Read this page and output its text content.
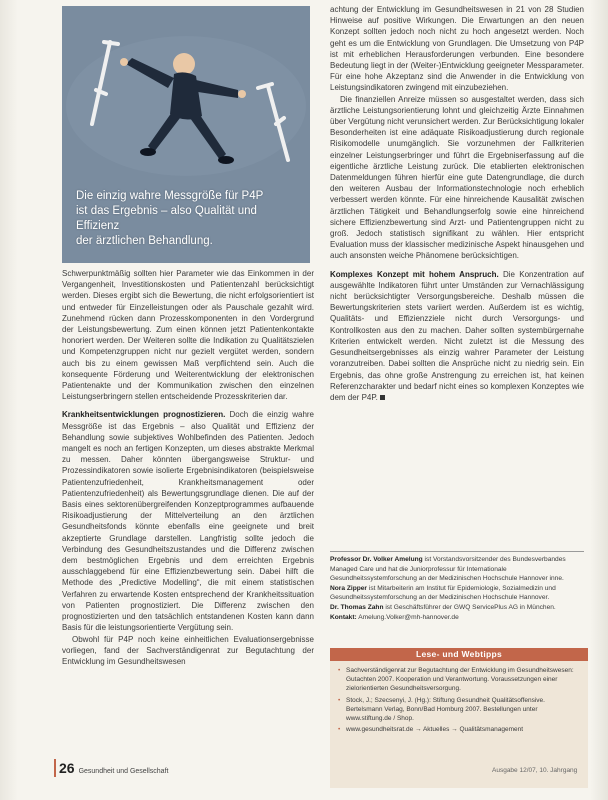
Die einzig wahre Messgröße für P4P
ist das Ergebnis – also Qualität und Effizienz
der ärztlichen Behandlung.

Schwerpunktmäßig sollten hier Parameter wie das Einkommen in der Vergangenheit, Investitionskosten und Patientenzahl berücksichtigt werden. Dieses ergibt sich die Bewertung, die nicht erfolgsorientiert ist und entweder für Einzelleistungen oder als Pauschale gezahlt wird. Zunehmend rücken dann Prozesskomponenten in den Vordergrund der Leistungsbewertung. Zum einen können jetzt Patientenkontakte honoriert werden. Der Weiteren sollte die Indikation zu Qualitätszielen und Kompetenzgruppen nicht nur gezielt vergütet werden, sondern auch bis zu einem gewissen Maß verpflichtend sein. Auch die konsequente Förderung und Weiterentwicklung der elektronischen Patientenakte und der Kommunikation zwischen den einzelnen Leistungserbringern stellen entscheidende Prozesskriterien dar.

Krankheitsentwicklungen prognostizieren. Doch die einzig wahre Messgröße ist das Ergebnis – also Qualität und Effizienz der Behandlung sowie subjektives Wohlbefinden des Patienten. Jedoch mangelt es noch an fertigen Konzepten, um dieses abstrakte Merkmal zu messen. Daher könnten übergangsweise Struktur- und Prozessindikatoren sowie isolierte Ergebnisindikatoren (beispielsweise Patientenzufriedenheit, Krankheitsmanagement oder Patientenzufriedenheit) als Bewertungsgrundlage dienen. Die auf der Basis eines sektorenübergreifenden Konzeptprogrammes aufbauende Risikoadjustierung der Mittelverteilung an den ärztlichen Gesundheitsfonds könnte ebenfalls eine geeignete und breit akzeptierte Grundlage darstellen. Langfristig sollte jedoch die Verbindung des Gesundheitszustandes und die Differenz zwischen dem bestmöglichen Ergebnis und dem erreichten Ergebnis ausschlaggebend für eine Effizienzbewertung sein. Dabei hilft die Methode des „Predictive Modelling“, die mit einem statistischen Verfahren zu erwartende Kosten entsprechend der Krankheitssituation von Patienten prognostiziert. Die Differenz zwischen den prognostizierten und den tatsächlich entstandenen Kosten kann dann Basis für die leistungsorientierte Vergütung sein.

Obwohl für P4P noch keine einheitlichen Evaluationsergebnisse vorliegen, fand der Sachverständigenrat zur Begutachtung der Entwicklung im Gesundheitswesen

achtung der Entwicklung im Gesundheitswesen in 21 von 28 Studien Hinweise auf positive Wirkungen. Die Erwartungen an den neuen Konzept sollten jedoch noch nicht zu hoch angesetzt werden. Noch geht es um die Entwicklung von Grundlagen. Die Umsetzung von P4P ist mit erheblichen Herausforderungen verbunden. Eine besondere Bedeutung liegt in der (Weiter-)Entwicklung geeigneter Messparameter. Für eine hohe Akzeptanz sind die Anwender in die Entwicklung von Leistungsindikatoren zwingend mit einzubeziehen.

Die finanziellen Anreize müssen so ausgestaltet werden, dass sich ärztliche Leistungsorientierung lohnt und gleichzeitig Ärzte Einnahmen über Vergütung nicht verunsichert werden. Zur Berücksichtigung lokaler Besonderheiten ist eine adäquate Risikoadjustierung durch regionale Risikomodelle unumgänglich. Sie vorzunehmen der Fallkriterien einzelner Leistungserbringer und führt die Ergebniserfassung auf die eigentliche ärztliche Leistung zurück. Die etablierten elektronischen Datenmeldungen führen hierfür eine gute Datengrundlage, die durch den weiteren Ausbau der Informationstechnologie noch erheblich verbessert werden könnte. Für eine hinreichende Kausalität zwischen ärztlichen Tätigkeit und Behandlungserfolg sowie eine hinreichend sichere Effizienzbewertung sind Arzt- und Patientengruppen nicht zu groß. Jedoch statistisch signifikant zu wählen. Hier entspricht Evaluation muss der klassischer medizinische Aspekt hinausgehen und auch ansonsten weiche Phänomene berücksichtigen.

Komplexes Konzept mit hohem Anspruch. Die Konzentration auf ausgewählte Indikatoren führt unter Umständen zur Vernachlässigung nicht berücksichtigter Versorgungsbereiche. Deshalb müssen die Bewertungskriterien stets variiert werden. Außerdem ist es wichtig, Qualitäts- und Effizienzziele nicht durch Versorgungs- und Kontrollkosten aus den zu machen. Daher sollten systembürgernahe Kriterien entwickelt werden. Nicht zuletzt ist die Messung des Gesundheitsergebnisses als einzig wahrer Parameter der Leistung voranzutreiben. Dabei sollten die Ansprüche nicht zu niedrig sein. Ein Ergebnis, das ohne große Anstrengung zu erreichen ist, hat keinen Referenzcharakter und bedarf nicht eines so komplexen Konzeptes wie dem der P4P.

Professor Dr. Volker Amelung ist Vorstandsvorsitzender des Bundesverbandes Managed Care und hat die Juniorprofessur für Internationale Gesundheitssystemforschung an der Medizinischen Hochschule Hannover inne.

Nora Zipper ist Mitarbeiterin am Institut für Epidemiologie, Sozialmedizin und Gesundheitssystemforschung an der Medizinischen Hochschule Hannover.

Dr. Thomas Zahn ist Geschäftsführer der GWQ ServicePlus AG in München. Kontakt: Amelung.Volker@mh-hannover.de

Lese- und Webtipps
• Sachverständigenrat zur Begutachtung der Entwicklung im Gesundheitswesen: Gutachten 2007. Kooperation und Verantwortung. Voraussetzungen einer zielorientierten Gesundheitsversorgung.
• Stock, J.; Szecsenyi, J. (Hg.): Stiftung Gesundheit Qualitätsoffensive. Bertelsmann Verlag, Bonn/Bad Homburg 2007. Bestellungen unter www.stiftung.de / Shop.
• www.gesundheitsrat.de → Aktuelles → Qualitätsmanagement
26 Gesundheit und Gesellschaft	Ausgabe 12/07, 10. Jahrgang
